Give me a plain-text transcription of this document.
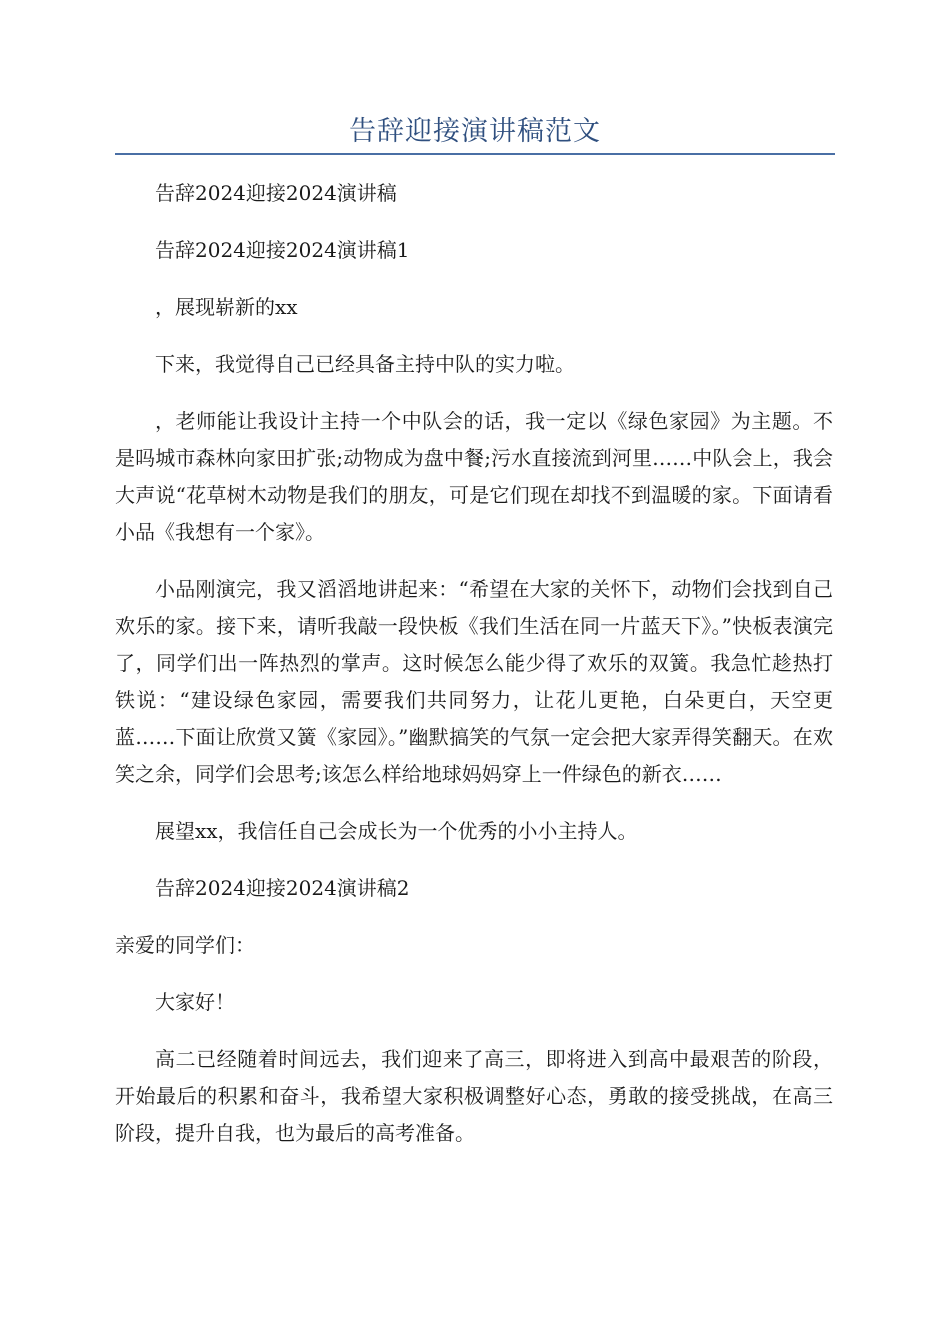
告辞迎接演讲稿范文

告辞2024迎接2024演讲稿

告辞2024迎接2024演讲稿1

，展现崭新的xx

下来，我觉得自己已经具备主持中队的实力啦。

，老师能让我设计主持一个中队会的话，我一定以《绿色家园》为主题。不是吗城市森林向家田扩张;动物成为盘中餐;污水直接流到河里……中队会上，我会大声说“花草树木动物是我们的朋友，可是它们现在却找不到温暖的家。下面请看小品《我想有一个家》。

小品刚演完，我又滔滔地讲起来：“希望在大家的关怀下，动物们会找到自己欢乐的家。接下来，请听我敲一段快板《我们生活在同一片蓝天下》。”快板表演完了，同学们出一阵热烈的掌声。这时候怎么能少得了欢乐的双簧。我急忙趁热打铁说：“建设绿色家园，需要我们共同努力，让花儿更艳，白朵更白，天空更蓝……下面让欣赏又簧《家园》。”幽默搞笑的气氛一定会把大家弄得笑翻天。在欢笑之余，同学们会思考;该怎么样给地球妈妈穿上一件绿色的新衣……

展望xx，我信任自己会成长为一个优秀的小小主持人。

告辞2024迎接2024演讲稿2

亲爱的同学们：

大家好！

高二已经随着时间远去，我们迎来了高三，即将进入到高中最艰苦的阶段，开始最后的积累和奋斗，我希望大家积极调整好心态，勇敢的接受挑战，在高三阶段，提升自我，也为最后的高考准备。
